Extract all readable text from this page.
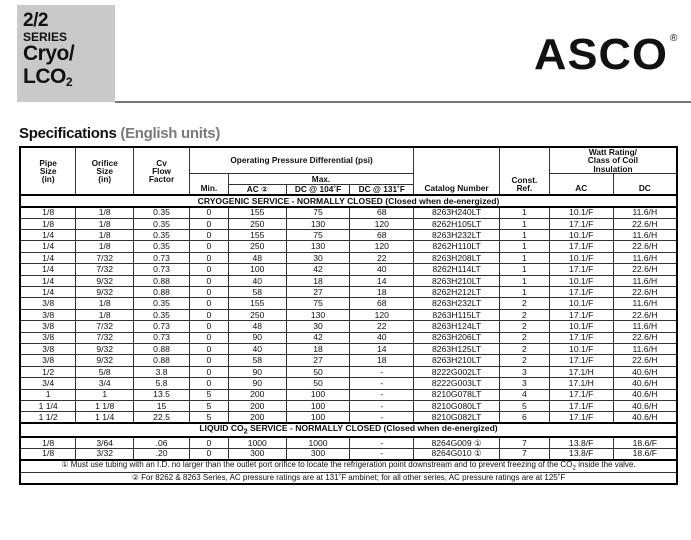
2/2
SERIES
Cryo/
$LCO_2$
ASCO ®
Specifications (English units)
Pipe
Size
(in)	Orifice
Size
(in)	Cv
Flow
Factor	Operating Pressure Differential (psi)				Catalog Number	Const.
Ref.	Watt Rating/
Class of Coil
Insulation	
			Min.	Max.					AC	DC
				AC ②	DC @ 104˚F	DC @ 131˚F				
CRYOGENIC SERVICE - NORMALLY CLOSED (Closed when de-energized)										
1/8	1/8	0.35	0	155	75	68	8263H240LT	1	10.1/F	11.6/H
1/8	1/8	0.35	0	250	130	120	8262H105LT	1	17.1/F	22.6/H
1/4	1/8	0.35	0	155	75	68	8263H232LT	1	10.1/F	11.6/H
1/4	1/8	0.35	0	250	130	120	8262H110LT	1	17.1/F	22.6/H
1/4	7/32	0.73	0	48	30	22	8263H208LT	1	10.1/F	11.6/H
1/4	7/32	0.73	0	100	42	40	8262H114LT	1	17.1/F	22.6/H
1/4	9/32	0.88	0	40	18	14	8263H210LT	1	10.1/F	11.6/H
1/4	9/32	0.88	0	58	27	18	8262H212LT	1	17.1/F	22.6/H
3/8	1/8	0.35	0	155	75	68	8263H232LT	2	10.1/F	11.6/H
3/8	1/8	0.35	0	250	130	120	8263H115LT	2	17.1/F	22.6/H
3/8	7/32	0.73	0	48	30	22	8263H124LT	2	10.1/F	11.6/H
3/8	7/32	0.73	0	90	42	40	8263H206LT	2	17.1/F	22.6/H
3/8	9/32	0.88	0	40	18	14	8263H125LT	2	10.1/F	11.6/H
3/8	9/32	0.88	0	58	27	18	8263H210LT	2	17.1/F	22.6/H
1/2	5/8	3.8	0	90	50	-	8222G002LT	3	17.1/H	40.6/H
3/4	3/4	5.8	0	90	50	-	8222G003LT	3	17.1/H	40.6/H
1	1	13.5	5	200	100	-	8210G078LT	4	17.1/F	40.6/H
1 1/4	1 1/8	15	5	200	100	-	8210G080LT	5	17.1/F	40.6/H
1 1/2	1 1/4	22.5	5	200	100	-	8210G082LT	6	17.1/F	40.6/H
LIQUID $CO_2$ SERVICE - NORMALLY CLOSED (Closed when de-energized)										
1/8	3/64	.06	0	1000	1000	-	8264G009 ①	7	13.8/F	18.6/F
1/8	3/32	.20	0	300	300	-	8264G010 ①	7	13.8/F	18.6/F
① Must use tubing with an I.D. no larger than the outlet port orifice to locate the refrigeration point downstream and to prevent freezing of the $CO_2$ inside the valve.										
② For 8262 & 8263 Series, AC pressure ratings are at 131˚F ambinet; for all other series, AC pressure ratings are at 125˚F										
